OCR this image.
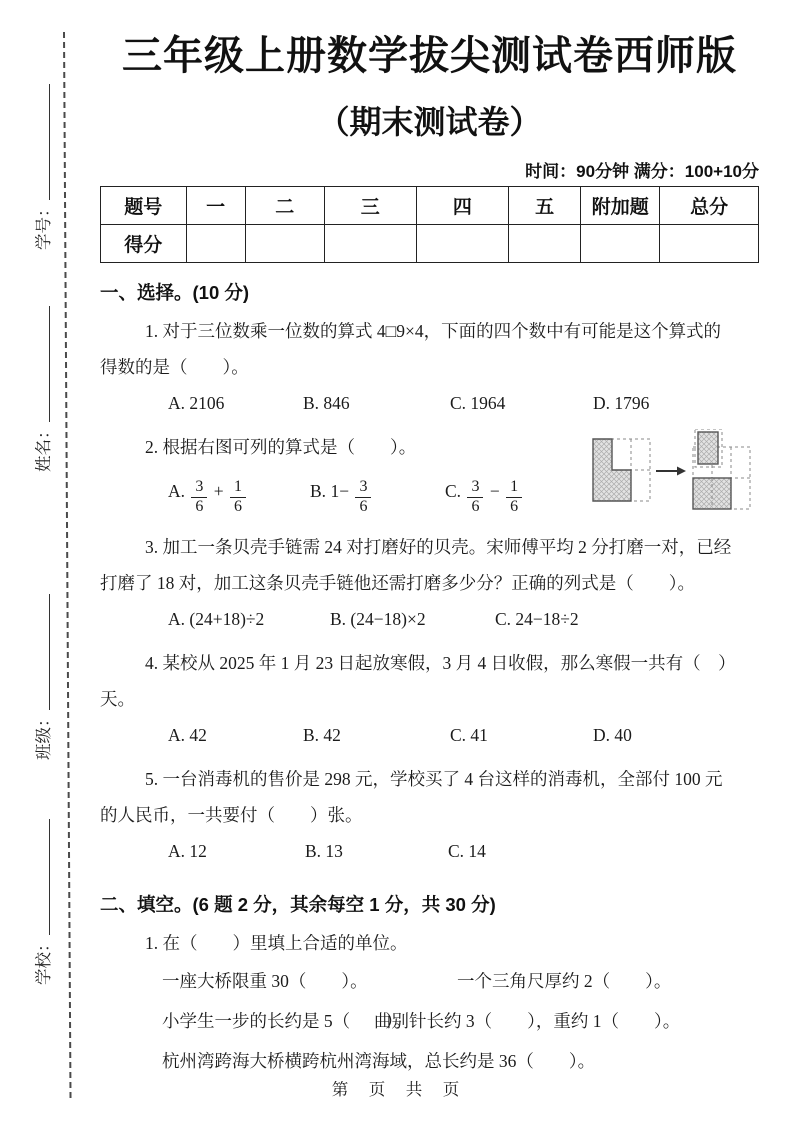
学号：
姓名：
班级：
学校：
三年级上册数学拔尖测试卷西师版
（期末测试卷）
时间：90分钟 满分：100+10分
题号	一	二	三	四	五	附加题	总分
得分							
一、选择。(10 分)
1. 对于三位数乘一位数的算式 4□9×4，下面的四个数中有可能是这个算式的
得数的是（　　）。
A. 2106	B. 846	C. 1964	D. 1796
2. 根据右图可列的算式是（　　）。
A. $\frac{3}{6} + \frac{1}{6}$	B. $1- \frac{3}{6}$	C. $\frac{3}{6} - \frac{1}{6}$
3. 加工一条贝壳手链需 24 对打磨好的贝壳。宋师傅平均 2 分打磨一对，已经
打磨了 18 对，加工这条贝壳手链他还需打磨多少分？正确的列式是（　　）。
A. (24+18)÷2	B. (24−18)×2	C. 24−18÷2
4. 某校从 2025 年 1 月 23 日起放寒假，3 月 4 日收假，那么寒假一共有（　）
天。
A. 42	B. 42	C. 41	D. 40
5. 一台消毒机的售价是 298 元，学校买了 4 台这样的消毒机，全部付 100 元
的人民币，一共要付（　　）张。
A. 12	B. 13	C. 14
二、填空。(6 题 2 分，其余每空 1 分，共 30 分)
1. 在（　　）里填上合适的单位。
一座大桥限重 30（　　）。	一个三角尺厚约 2（　　）。
小学生一步的长约是 5（　　）。
曲别针长约 3（　　），重约 1（　　）。
杭州湾跨海大桥横跨杭州湾海域，总长约是 36（　　）。
第　页　共　页
